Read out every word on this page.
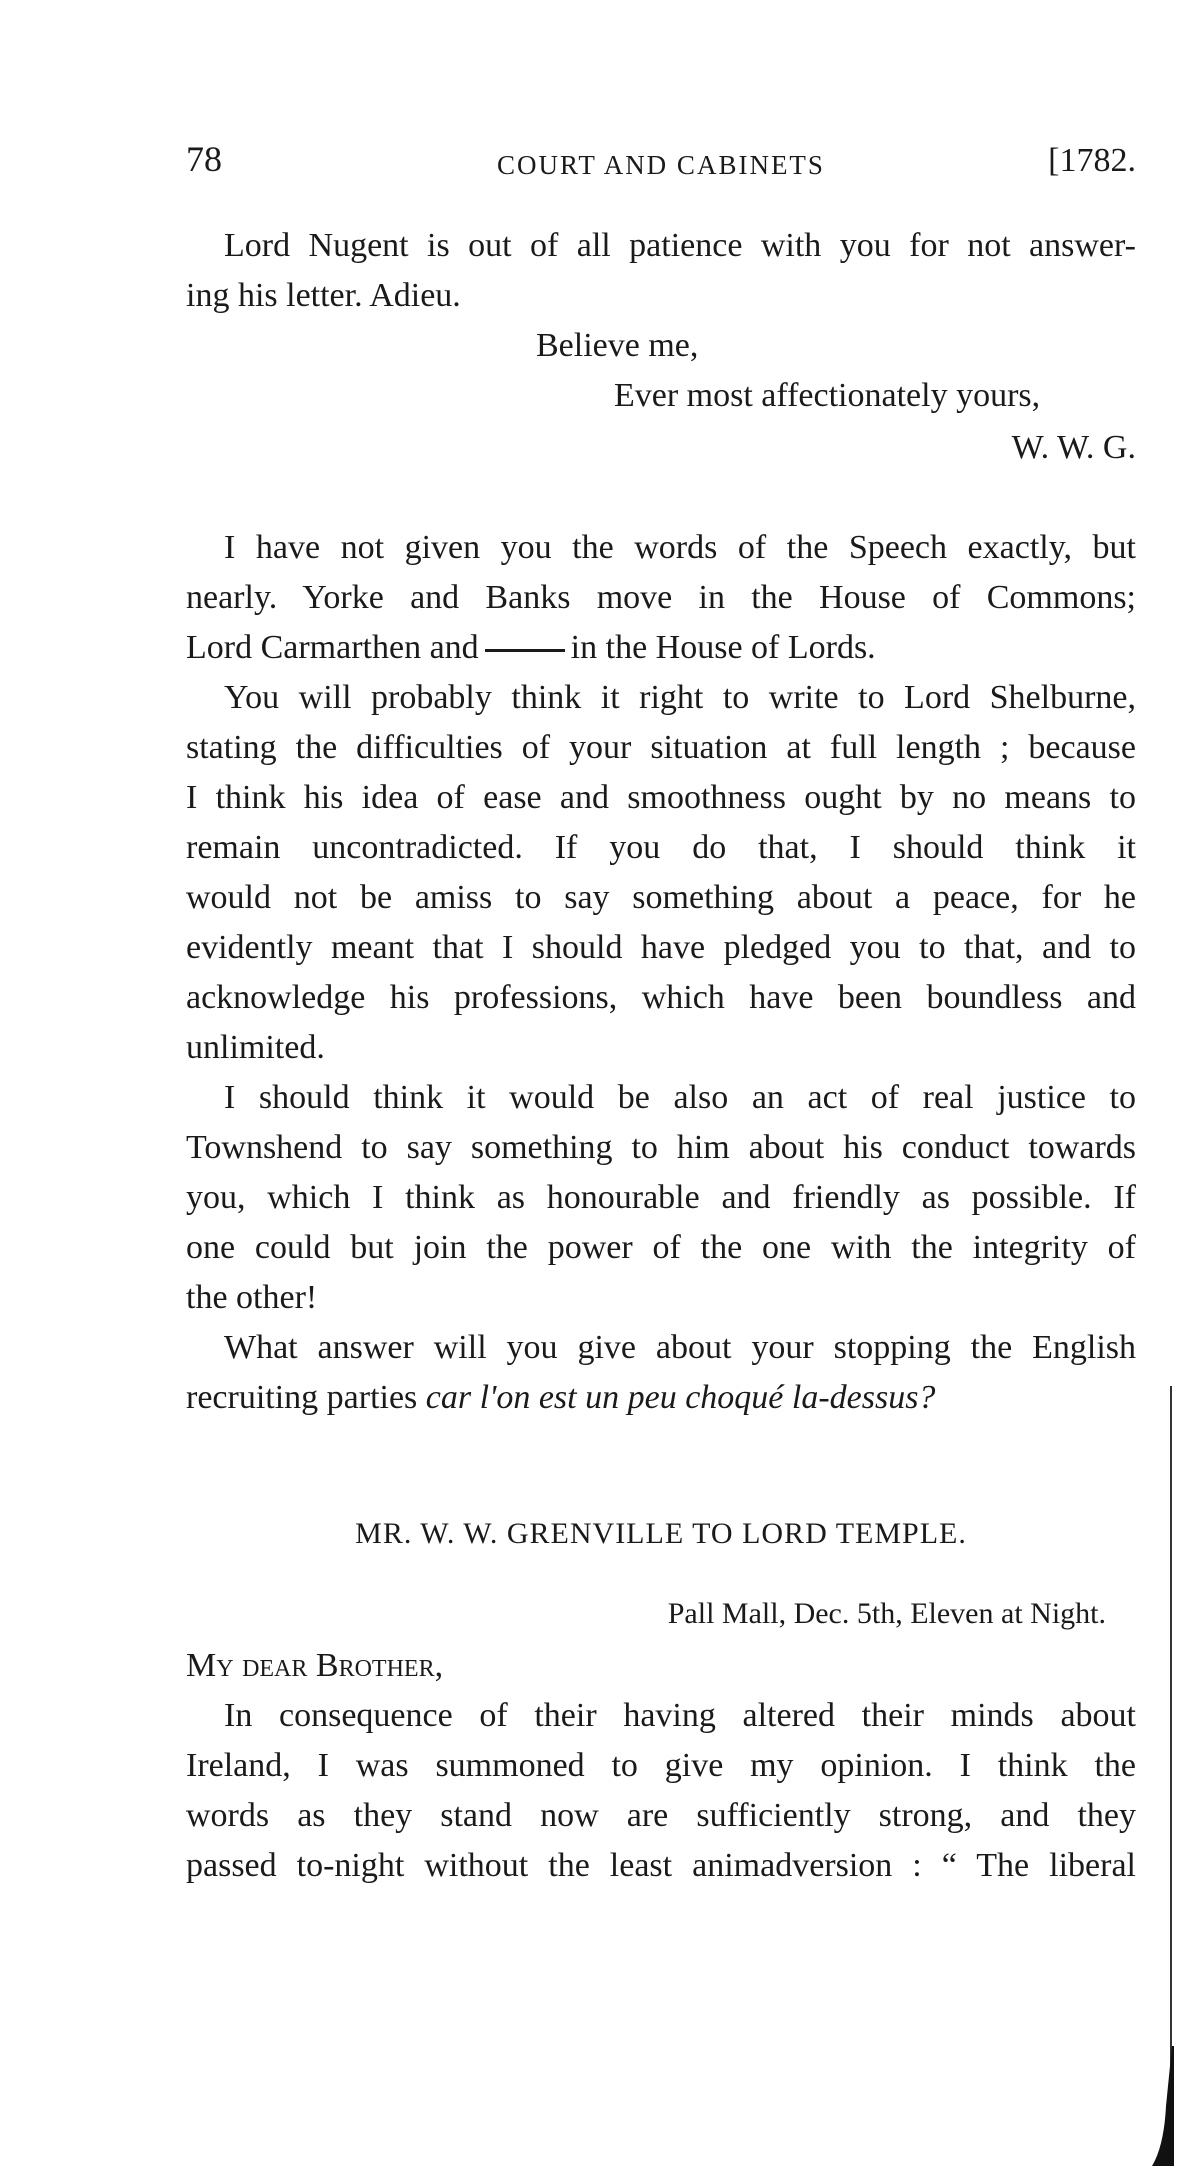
78	COURT AND CABINETS	[1782.
Lord Nugent is out of all patience with you for not answer-
ing his letter. Adieu.
Believe me,
Ever most affectionately yours,
W. W. G.
I have not given you the words of the Speech exactly, but
nearly. Yorke and Banks move in the House of Commons;
Lord Carmarthen and	in the House of Lords.
You will probably think it right to write to Lord Shelburne,
stating the difficulties of your situation at full length ; because
I think his idea of ease and smoothness ought by no means to
remain uncontradicted. If you do that, I should think it
would not be amiss to say something about a peace, for he
evidently meant that I should have pledged you to that, and to
acknowledge his professions, which have been boundless and
unlimited.
I should think it would be also an act of real justice to
Townshend to say something to him about his conduct towards
you, which I think as honourable and friendly as possible. If
one could but join the power of the one with the integrity of
the other!
What answer will you give about your stopping the English
recruiting parties car l'on est un peu choqué la-dessus?
MR. W. W. GRENVILLE TO LORD TEMPLE.
Pall Mall, Dec. 5th, Eleven at Night.
My dear Brother,
In consequence of their having altered their minds about
Ireland, I was summoned to give my opinion. I think the
words as they stand now are sufficiently strong, and they
passed to-night without the least animadversion : “ The liberal
